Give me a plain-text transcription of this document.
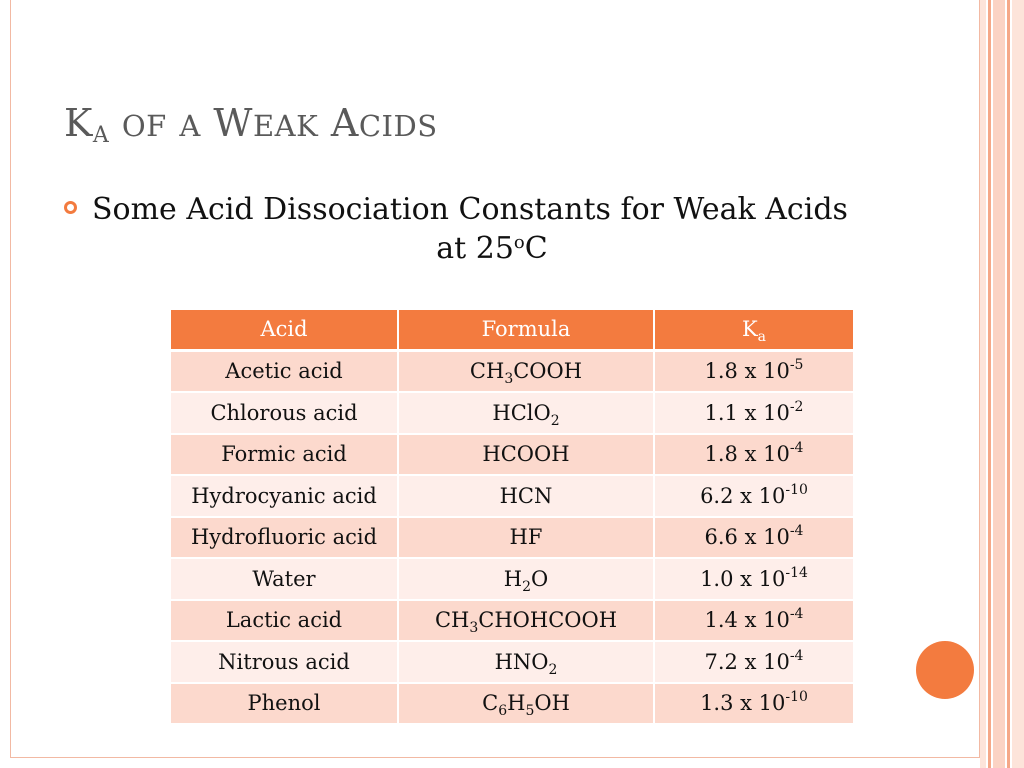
$K_A$ OF A WEAK ACIDS
Some Acid Dissociation Constants for Weak Acids
at 25$^o$C
Acid	Formula	$K_a$
Acetic acid	$CH_3COOH$	1.8 x $10^{-5}$
Chlorous acid	HClO$_2$	1.1 x $10^{-2}$
Formic acid	HCOOH	1.8 x $10^{-4}$
Hydrocyanic acid	HCN	6.2 x $10^{-10}$
Hydrofluoric acid	HF	6.6 x $10^{-4}$
Water	$H_2O$	1.0 x $10^{-14}$
Lactic acid	$CH_3CHOHCOOH$	1.4 x $10^{-4}$
Nitrous acid	$HNO_2$	7.2 x $10^{-4}$
Phenol	$C_6H_5OH$	1.3 x $10^{-10}$
